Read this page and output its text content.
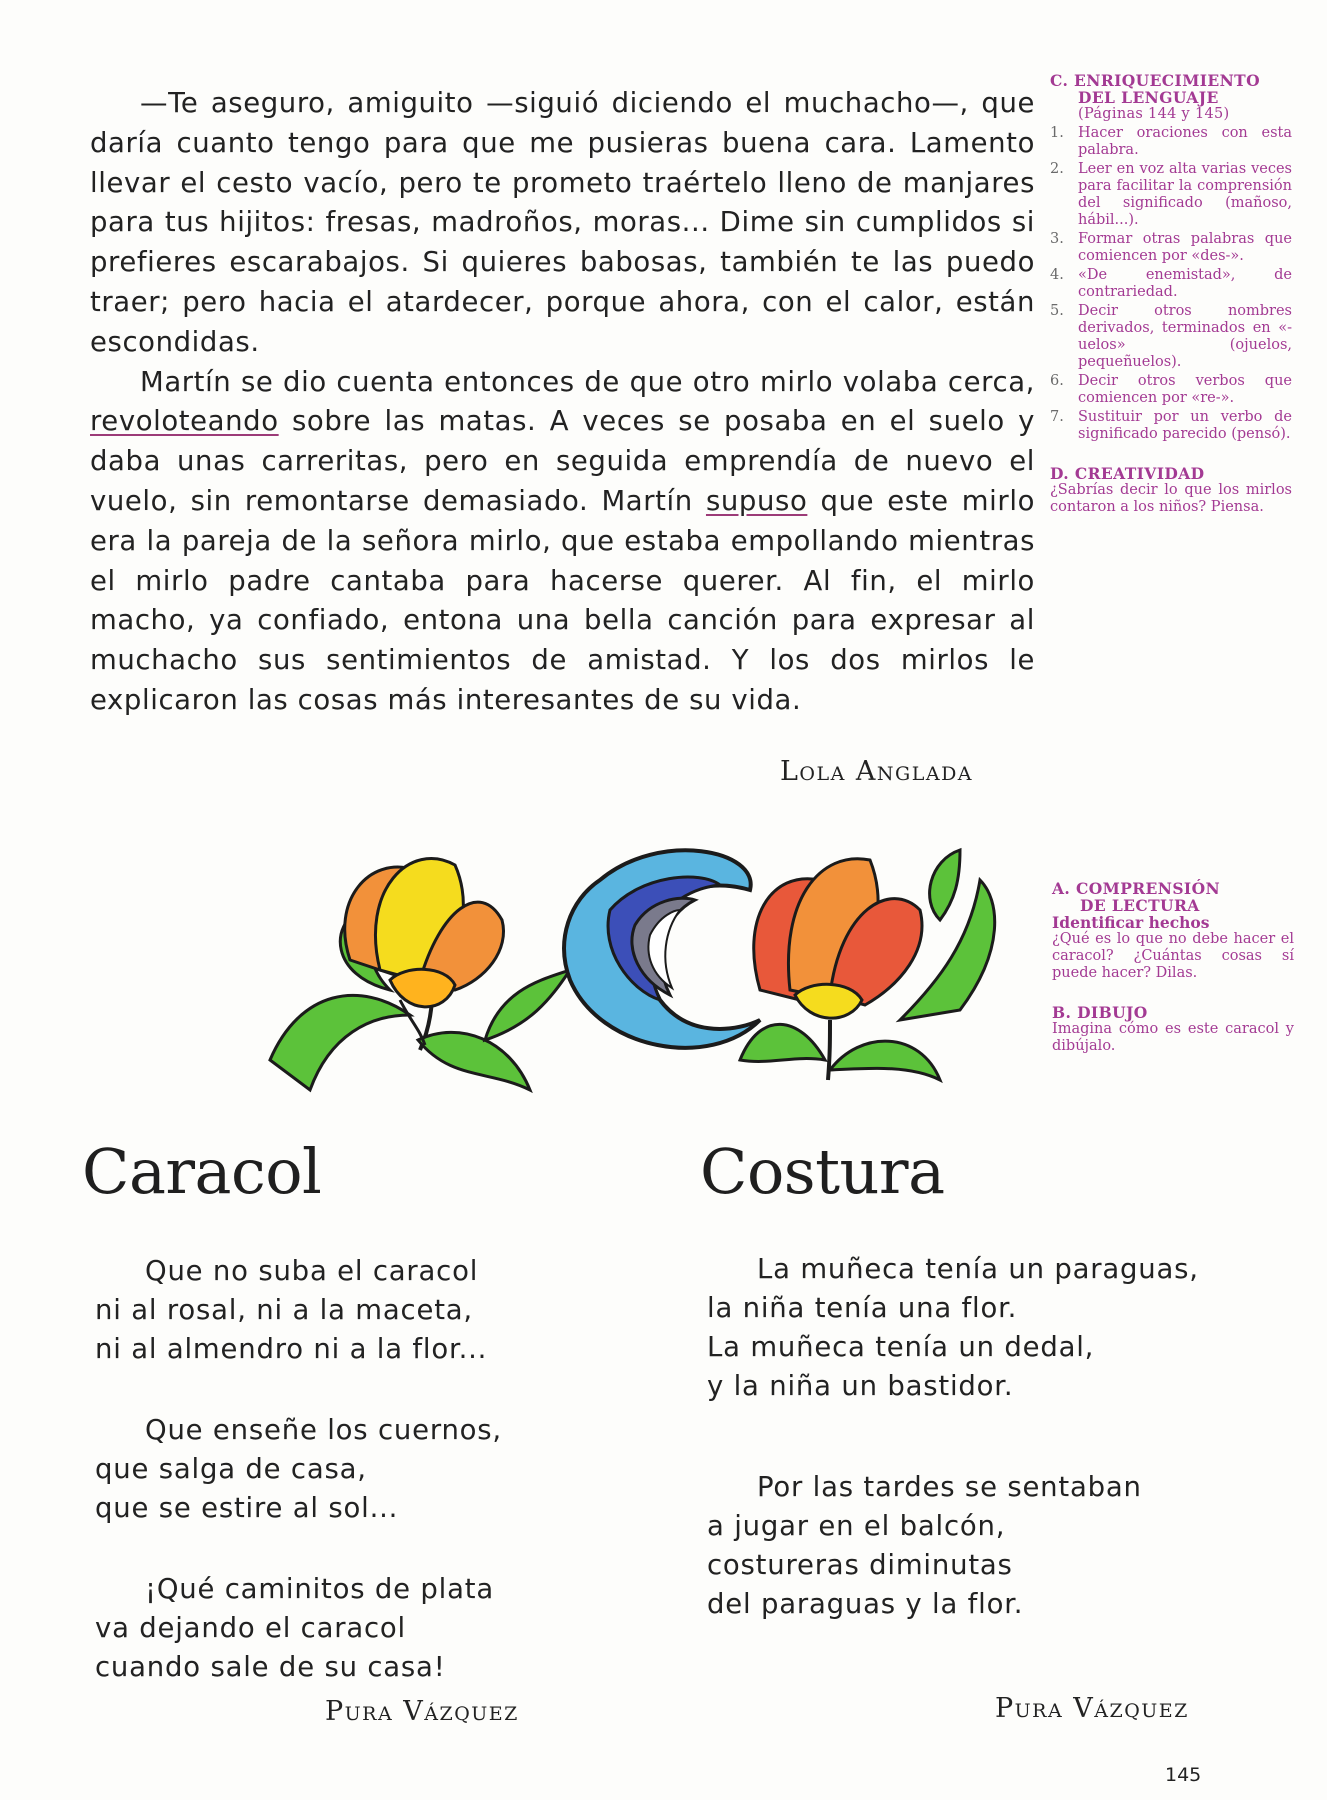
—Te aseguro, amiguito —siguió diciendo el muchacho—, que daría cuanto tengo para que me pusieras buena cara. Lamento llevar el cesto vacío, pero te prometo traértelo lleno de manjares para tus hijitos: fresas, madroños, moras... Dime sin cumplidos si prefieres escarabajos. Si quieres babosas, también te las puedo traer; pero hacia el atardecer, porque ahora, con el calor, están escondidas.

Martín se dio cuenta entonces de que otro mirlo volaba cerca, revoloteando sobre las matas. A veces se posaba en el suelo y daba unas carreritas, pero en seguida emprendía de nuevo el vuelo, sin remontarse demasiado. Martín supuso que este mirlo era la pareja de la señora mirlo, que estaba empollando mientras el mirlo padre cantaba para hacerse querer. Al fin, el mirlo macho, ya confiado, entona una bella canción para expresar al muchacho sus sentimientos de amistad. Y los dos mirlos le explicaron las cosas más interesantes de su vida.

Lola Anglada
C. ENRIQUECIMIENTO
DEL LENGUAJE
(Páginas 144 y 145)
1. Hacer oraciones con esta palabra.
2. Leer en voz alta varias veces para facilitar la comprensión del significado (mañoso, hábil...).
3. Formar otras palabras que comiencen por «des-».
4. «De enemistad», de contrariedad.
5. Decir otros nombres derivados, terminados en «-uelos» (ojuelos, pequeñuelos).
6. Decir otros verbos que comiencen por «re-».
7. Sustituir por un verbo de significado parecido (pensó).
D. CREATIVIDAD

¿Sabrías decir lo que los mirlos contaron a los niños? Piensa.

A. COMPRENSIÓN
DE LECTURA
Identificar hechos

¿Qué es lo que no debe hacer el caracol? ¿Cuántas cosas sí puede hacer? Dilas.

B. DIBUJO

Imagina cómo es este caracol y dibújalo.

Caracol
Que no suba el caracol
ni al rosal, ni a la maceta,
ni al almendro ni a la flor...
Que enseñe los cuernos,
que salga de casa,
que se estire al sol...
¡Qué caminitos de plata
va dejando el caracol
cuando sale de su casa!
Pura Vázquez
Costura
La muñeca tenía un paraguas,
la niña tenía una flor.
La muñeca tenía un dedal,
y la niña un bastidor.
Por las tardes se sentaban
a jugar en el balcón,
costureras diminutas
del paraguas y la flor.
Pura Vázquez
145
